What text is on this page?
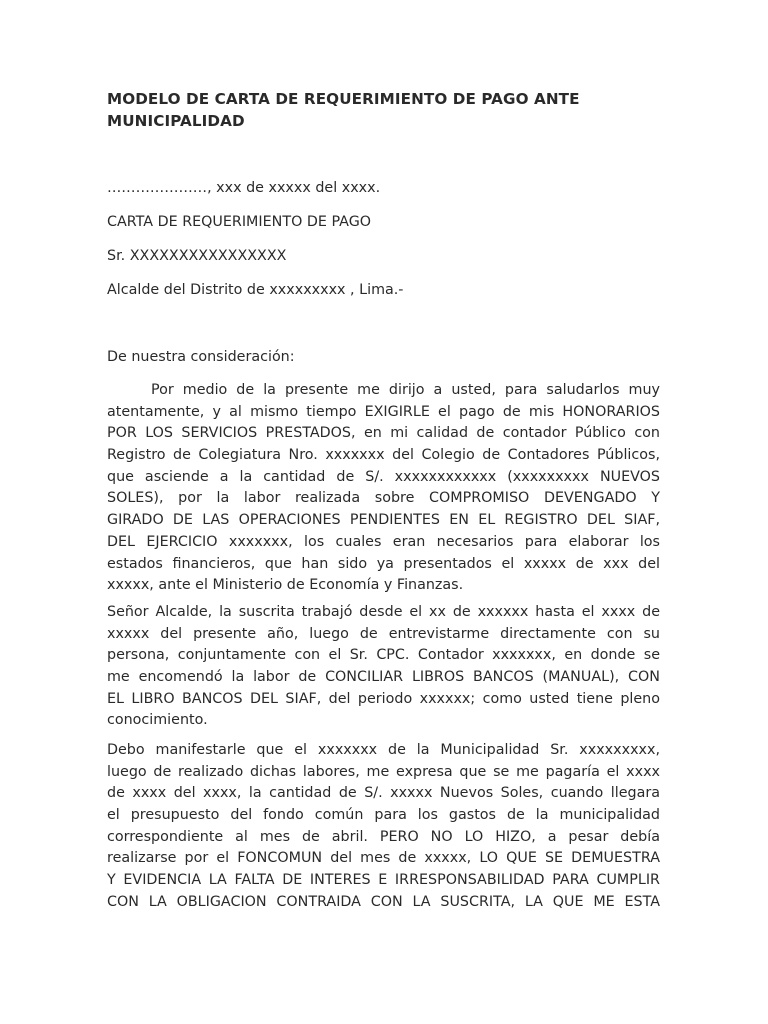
MODELO DE CARTA DE REQUERIMIENTO DE PAGO ANTE
MUNICIPALIDAD

…………………, xxx de xxxxx del xxxx.

CARTA DE REQUERIMIENTO DE PAGO

Sr. XXXXXXXXXXXXXXXX

Alcalde del Distrito de xxxxxxxxx , Lima.-

De nuestra consideración:

Por medio de la presente me dirijo a usted, para saludarlos muy
atentamente, y al mismo tiempo EXIGIRLE el pago de mis HONORARIOS
POR LOS SERVICIOS PRESTADOS, en mi calidad de contador Público con
Registro de Colegiatura Nro. xxxxxxx del Colegio de Contadores Públicos,
que asciende a la cantidad de S/. xxxxxxxxxxxx (xxxxxxxxx NUEVOS
SOLES), por la labor realizada sobre COMPROMISO DEVENGADO Y
GIRADO DE LAS OPERACIONES PENDIENTES EN EL REGISTRO DEL SIAF,
DEL EJERCICIO xxxxxxx, los cuales eran necesarios para elaborar los
estados financieros, que han sido ya presentados el xxxxx de xxx del
xxxxx, ante el Ministerio de Economía y Finanzas.
Señor Alcalde, la suscrita trabajó desde el xx de xxxxxx hasta el xxxx de
xxxxx del presente año, luego de entrevistarme directamente con su
persona, conjuntamente con el Sr. CPC. Contador xxxxxxx, en donde se
me encomendó la labor de CONCILIAR LIBROS BANCOS (MANUAL), CON
EL LIBRO BANCOS DEL SIAF, del periodo xxxxxx; como usted tiene pleno
conocimiento.
Debo manifestarle que el xxxxxxx de la Municipalidad Sr. xxxxxxxxx,
luego de realizado dichas labores, me expresa que se me pagaría el xxxx
de xxxx del xxxx, la cantidad de S/. xxxxx Nuevos Soles, cuando llegara
el presupuesto del fondo común para los gastos de la municipalidad
correspondiente al mes de abril. PERO NO LO HIZO, a pesar debía
realizarse por el FONCOMUN del mes de xxxxx, LO QUE SE DEMUESTRA
Y EVIDENCIA LA FALTA DE INTERES E IRRESPONSABILIDAD PARA CUMPLIR
CON LA OBLIGACION CONTRAIDA CON LA SUSCRITA, LA QUE ME ESTA
